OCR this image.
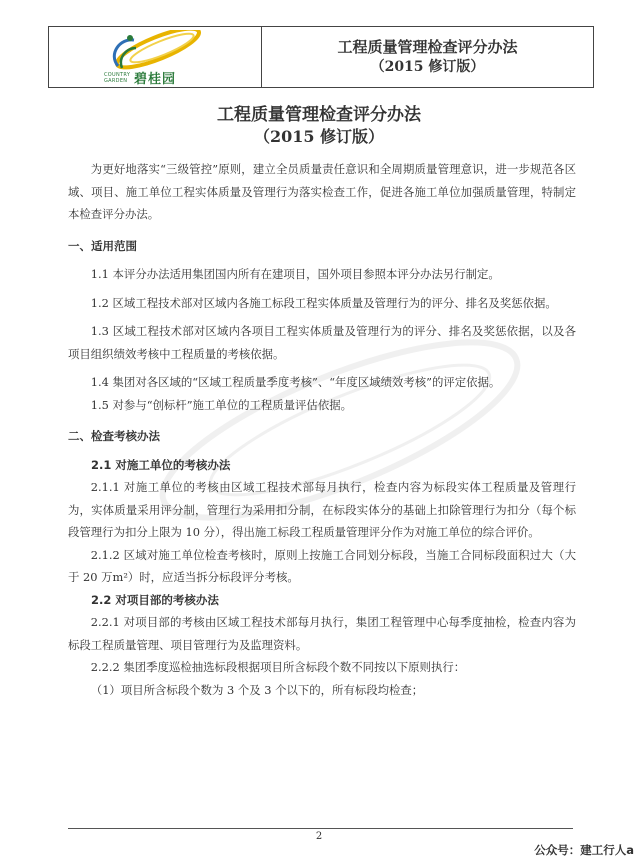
COUNTRY GARDEN 碧桂园
工程质量管理检查评分办法
（2015 修订版）
工程质量管理检查评分办法
（2015 修订版）

为更好地落实“三级管控”原则，建立全员质量责任意识和全周期质量管理意识，进一步规范各区域、项目、施工单位工程实体质量及管理行为落实检查工作，促进各施工单位加强质量管理，特制定本检查评分办法。

一、适用范围

1.1 本评分办法适用集团国内所有在建项目，国外项目参照本评分办法另行制定。

1.2 区域工程技术部对区域内各施工标段工程实体质量及管理行为的评分、排名及奖惩依据。

1.3 区域工程技术部对区域内各项目工程实体质量及管理行为的评分、排名及奖惩依据，以及各项目组织绩效考核中工程质量的考核依据。

1.4 集团对各区域的“区域工程质量季度考核”、“年度区域绩效考核”的评定依据。

1.5 对参与“创标杆”施工单位的工程质量评估依据。

二、检查考核办法

2.1 对施工单位的考核办法

2.1.1 对施工单位的考核由区域工程技术部每月执行，检查内容为标段实体工程质量及管理行为，实体质量采用评分制，管理行为采用扣分制，在标段实体分的基础上扣除管理行为扣分（每个标段管理行为扣分上限为 10 分），得出施工标段工程质量管理评分作为对施工单位的综合评价。

2.1.2 区域对施工单位检查考核时，原则上按施工合同划分标段，当施工合同标段面积过大（大于 20 万m²）时，应适当拆分标段评分考核。

2.2 对项目部的考核办法

2.2.1 对项目部的考核由区域工程技术部每月执行，集团工程管理中心每季度抽检，检查内容为标段工程质量管理、项目管理行为及监理资料。

2.2.2 集团季度巡检抽选标段根据项目所含标段个数不同按以下原则执行：

（1）项目所含标段个数为 3 个及 3 个以下的，所有标段均检查；

2
公众号：建工行人a
